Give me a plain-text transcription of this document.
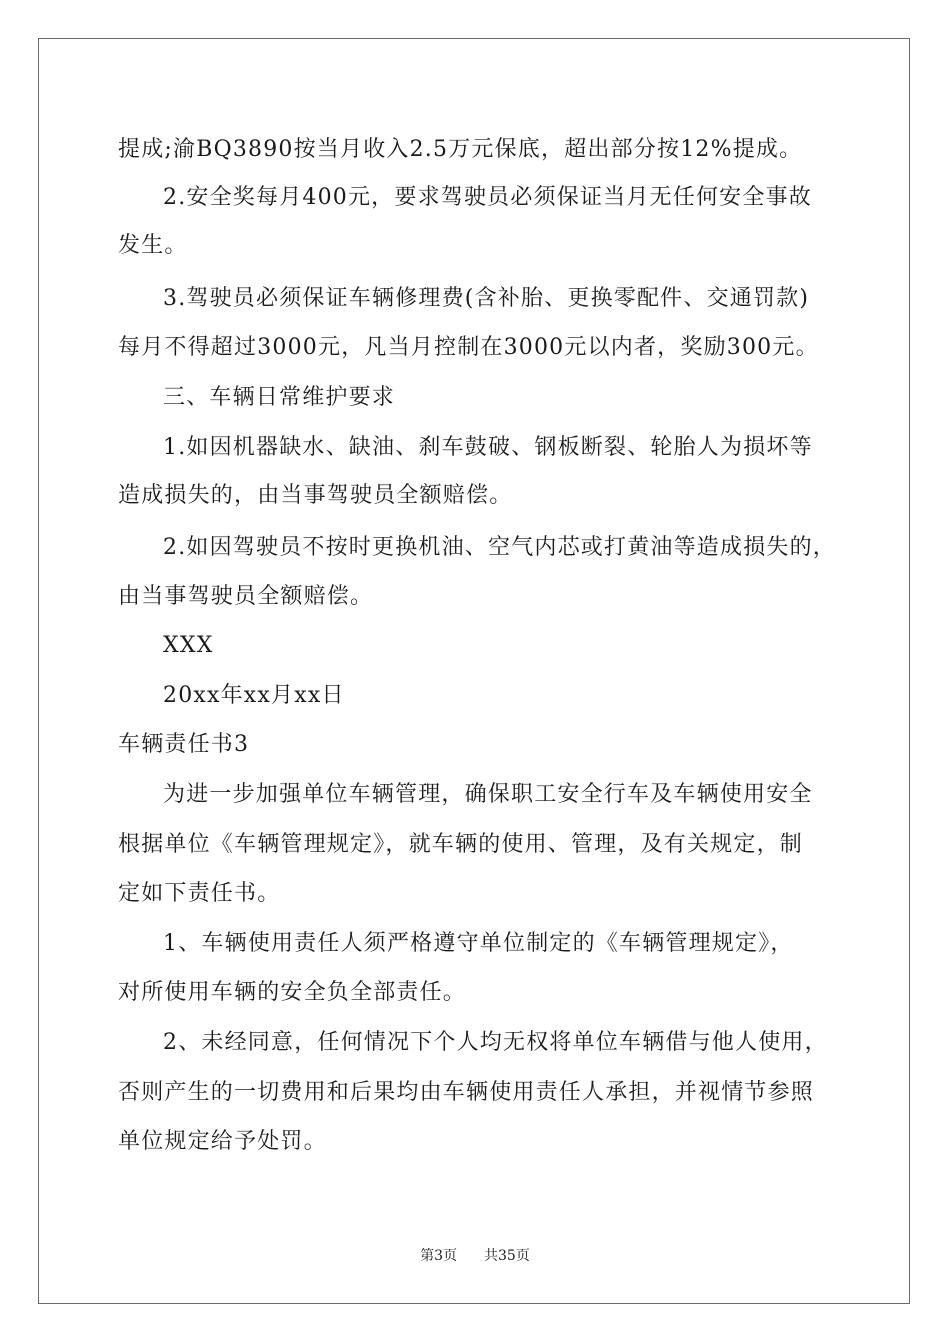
提成;渝BQ3890按当月收入2.5万元保底，超出部分按12%提成。
2.安全奖每月400元，要求驾驶员必须保证当月无任何安全事故
发生。
3.驾驶员必须保证车辆修理费(含补胎、更换零配件、交通罚款)
每月不得超过3000元，凡当月控制在3000元以内者，奖励300元。
三、车辆日常维护要求
1.如因机器缺水、缺油、刹车鼓破、钢板断裂、轮胎人为损坏等
造成损失的，由当事驾驶员全额赔偿。
2.如因驾驶员不按时更换机油、空气内芯或打黄油等造成损失的，
由当事驾驶员全额赔偿。
XXX
20xx年xx月xx日
车辆责任书3
为进一步加强单位车辆管理，确保职工安全行车及车辆使用安全
根据单位《车辆管理规定》，就车辆的使用、管理，及有关规定，制
定如下责任书。
1、车辆使用责任人须严格遵守单位制定的《车辆管理规定》，
对所使用车辆的安全负全部责任。
2、未经同意，任何情况下个人均无权将单位车辆借与他人使用，
否则产生的一切费用和后果均由车辆使用责任人承担，并视情节参照
单位规定给予处罚。
第3页 共35页
